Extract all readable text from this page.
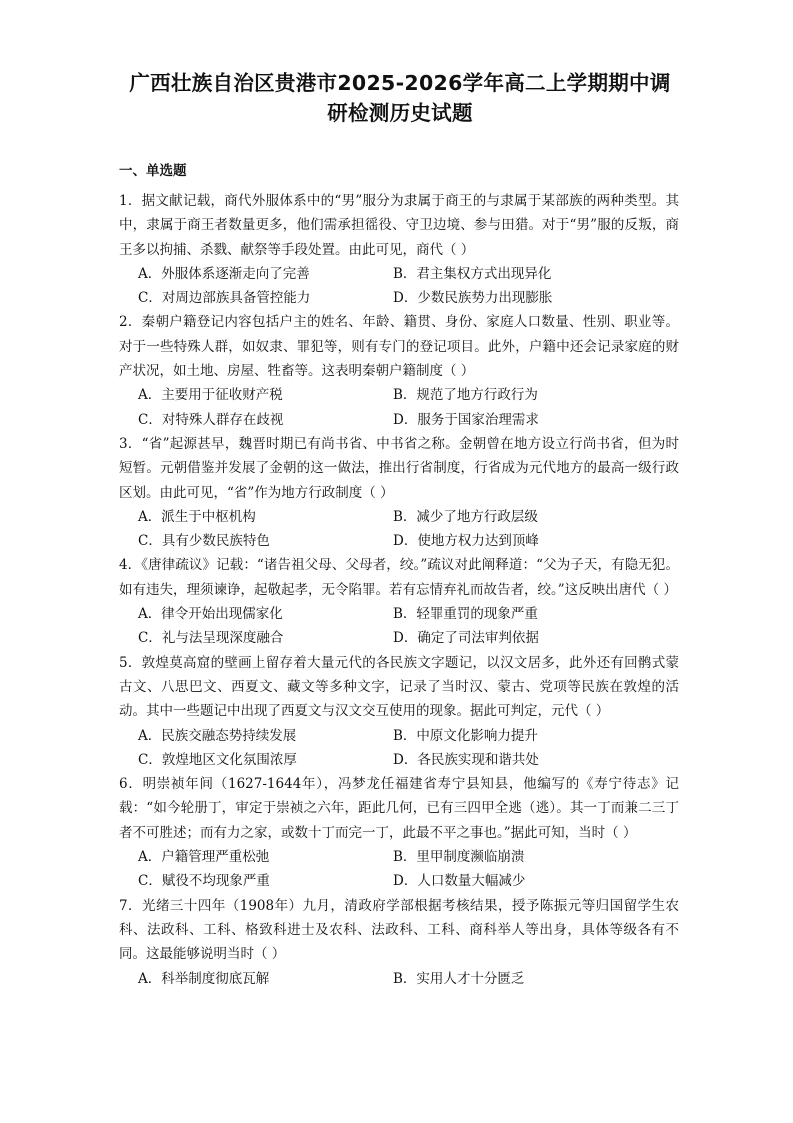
广西壮族自治区贵港市2025-2026学年高二上学期期中调
研检测历史试题
一、单选题

1．据文献记载，商代外服体系中的“男”服分为隶属于商王的与隶属于某部族的两种类型。其中，隶属于商王者数量更多，他们需承担徭役、守卫边境、参与田猎。对于“男”服的反叛，商王多以拘捕、杀戮、献祭等手段处置。由此可见，商代（ ）

A．外服体系逐渐走向了完善	B．君主集权方式出现异化
C．对周边部族具备管控能力	D．少数民族势力出现膨胀

2．秦朝户籍登记内容包括户主的姓名、年龄、籍贯、身份、家庭人口数量、性别、职业等。对于一些特殊人群，如奴隶、罪犯等，则有专门的登记项目。此外，户籍中还会记录家庭的财产状况，如土地、房屋、牲畜等。这表明秦朝户籍制度（ ）

A．主要用于征收财产税	B．规范了地方行政行为
C．对特殊人群存在歧视	D．服务于国家治理需求

3．“省”起源甚早，魏晋时期已有尚书省、中书省之称。金朝曾在地方设立行尚书省，但为时短暂。元朝借鉴并发展了金朝的这一做法，推出行省制度，行省成为元代地方的最高一级行政区划。由此可见，“省”作为地方行政制度（ ）

A．派生于中枢机构	B．减少了地方行政层级
C．具有少数民族特色	D．使地方权力达到顶峰

4．《唐律疏议》记载：“诸告祖父母、父母者，绞。”疏议对此阐释道：“父为子天，有隐无犯。如有违失，理须谏诤，起敬起孝，无令陷罪。若有忘情弃礼而故告者，绞。”这反映出唐代（ ）

A．律令开始出现儒家化	B．轻罪重罚的现象严重
C．礼与法呈现深度融合	D．确定了司法审判依据

5．敦煌莫高窟的壁画上留存着大量元代的各民族文字题记，以汉文居多，此外还有回鹘式蒙古文、八思巴文、西夏文、藏文等多种文字，记录了当时汉、蒙古、党项等民族在敦煌的活动。其中一些题记中出现了西夏文与汉文交互使用的现象。据此可判定，元代（ ）

A．民族交融态势持续发展	B．中原文化影响力提升
C．敦煌地区文化氛围浓厚	D．各民族实现和谐共处

6．明崇祯年间（1627-1644年），冯梦龙任福建省寿宁县知县，他编写的《寿宁待志》记载：“如今轮册丁，审定于崇祯之六年，距此几何，已有三四甲全逃（逃）。其一丁而兼二三丁者不可胜述；而有力之家，或数十丁而完一丁，此最不平之事也。”据此可知，当时（ ）

A．户籍管理严重松弛	B．里甲制度濒临崩溃
C．赋役不均现象严重	D．人口数量大幅减少

7．光绪三十四年（1908年）九月，清政府学部根据考核结果，授予陈振元等归国留学生农科、法政科、工科、格致科进士及农科、法政科、工科、商科举人等出身，具体等级各有不同。这最能够说明当时（ ）

A．科举制度彻底瓦解	B．实用人才十分匮乏
